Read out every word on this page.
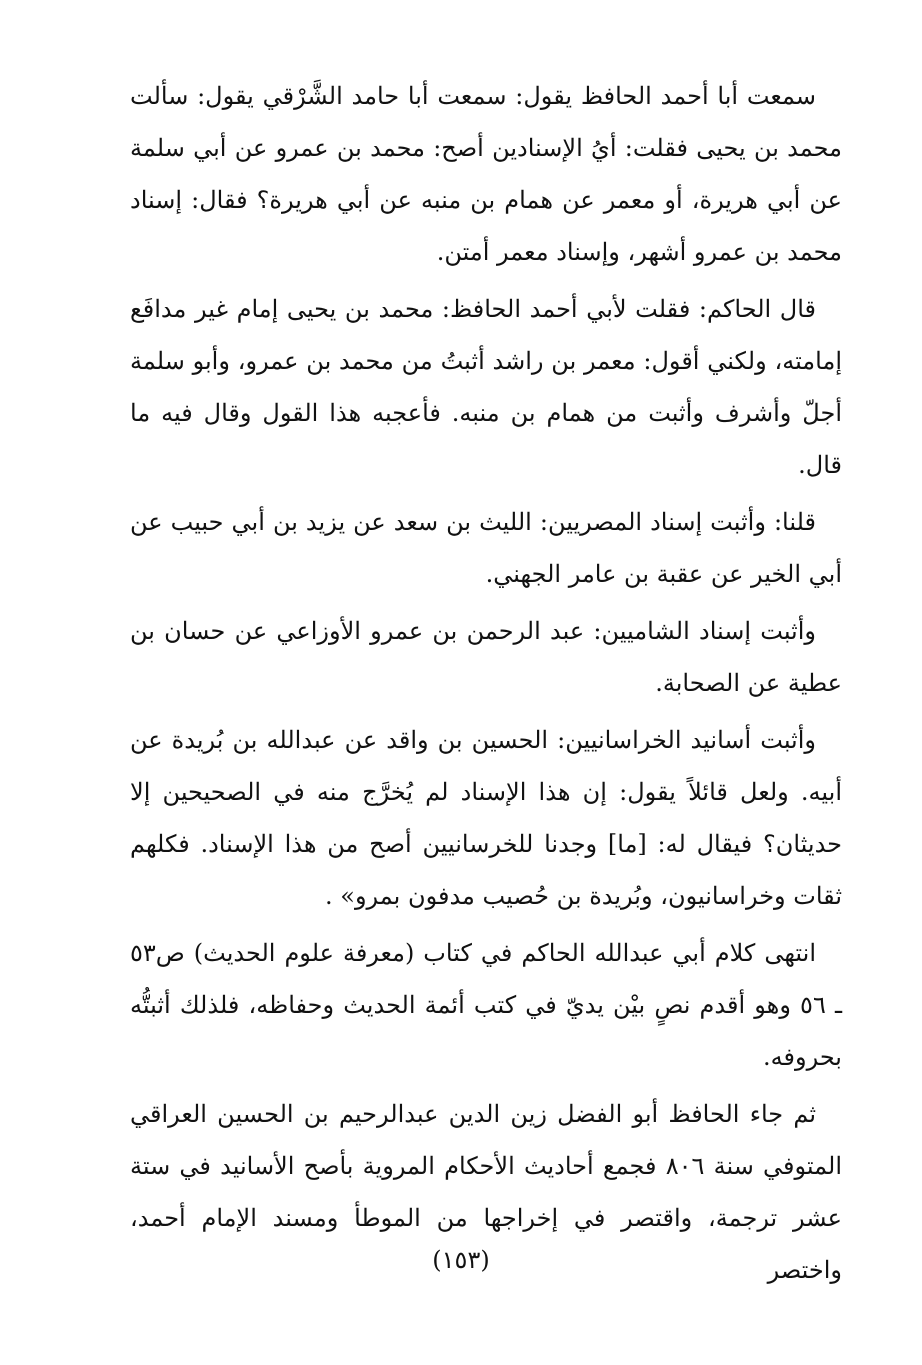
سمعت أبا أحمد الحافظ يقول: سمعت أبا حامد الشَّرْقي يقول: سألت محمد بن يحيى فقلت: أيُ الإسنادين أصح: محمد بن عمرو عن أبي سلمة عن أبي هريرة، أو معمر عن همام بن منبه عن أبي هريرة؟ فقال: إسناد محمد بن عمرو أشهر، وإسناد معمر أمتن.

قال الحاكم: فقلت لأبي أحمد الحافظ: محمد بن يحيى إمام غير مدافَع إمامته، ولكني أقول: معمر بن راشد أثبتُ من محمد بن عمرو، وأبو سلمة أجلّ وأشرف وأثبت من همام بن منبه. فأعجبه هذا القول وقال فيه ما قال.

قلنا: وأثبت إسناد المصريين: الليث بن سعد عن يزيد بن أبي حبيب عن أبي الخير عن عقبة بن عامر الجهني.

وأثبت إسناد الشاميين: عبد الرحمن بن عمرو الأوزاعي عن حسان بن عطية عن الصحابة.

وأثبت أسانيد الخراسانيين: الحسين بن واقد عن عبدالله بن بُريدة عن أبيه. ولعل قائلاً يقول: إن هذا الإسناد لم يُخرَّج منه في الصحيحين إلا حديثان؟ فيقال له: [ما] وجدنا للخرسانيين أصح من هذا الإسناد. فكلهم ثقات وخراسانيون، وبُريدة بن حُصيب مدفون بمرو» .

انتهى كلام أبي عبدالله الحاكم في كتاب (معرفة علوم الحديث) ص٥٣ ـ ٥٦ وهو أقدم نصٍ بيْن يديّ في كتب أئمة الحديث وحفاظه، فلذلك أثبتُّه بحروفه.

ثم جاء الحافظ أبو الفضل زين الدين عبدالرحيم بن الحسين العراقي المتوفي سنة ٨٠٦ فجمع أحاديث الأحكام المروية بأصح الأسانيد في ستة عشر ترجمة، واقتصر في إخراجها من الموطأ ومسند الإمام أحمد، واختصر

(١٥٣)
